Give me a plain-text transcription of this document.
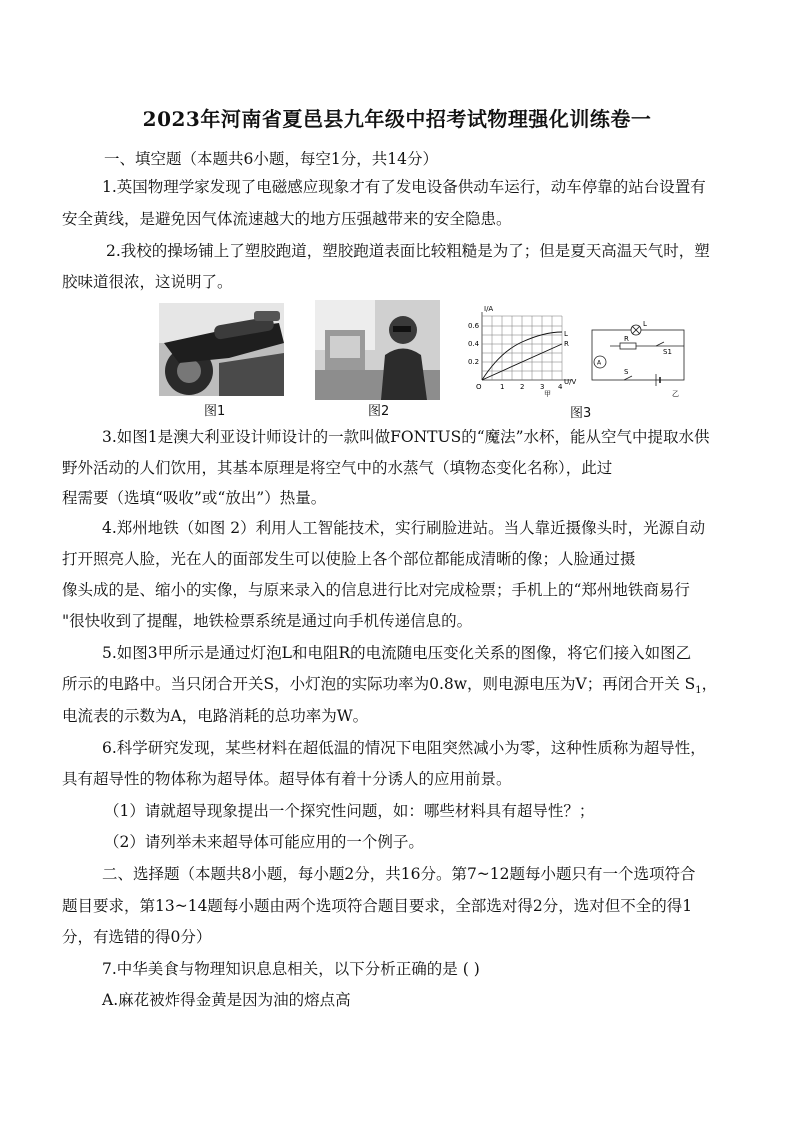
2023年河南省夏邑县九年级中招考试物理强化训练卷一

一、填空题（本题共6小题，每空1分，共14分）

1.英国物理学家发现了电磁感应现象才有了发电设备供动车运行，动车停靠的站台设置有

安全黄线，是避免因气体流速越大的地方压强越带来的安全隐患。

2.我校的操场铺上了塑胶跑道，塑胶跑道表面比较粗糙是为了；但是夏天高温天气时，塑

胶味道很浓，这说明了。

图1	图2
I/A
0.6
0.4
0.2
O	1 2 3 4
U/V
L
R
甲
A
L
R
S1
S
乙
图3

3.如图1是澳大利亚设计师设计的一款叫做FONTUS的“魔法”水杯，能从空气中提取水供

野外活动的人们饮用，其基本原理是将空气中的水蒸气（填物态变化名称），此过

程需要（选填“吸收”或“放出”）热量。

4.郑州地铁（如图 2）利用人工智能技术，实行刷脸进站。当人靠近摄像头时，光源自动

打开照亮人脸，光在人的面部发生可以使脸上各个部位都能成清晰的像；人脸通过摄

像头成的是、缩小的实像，与原来录入的信息进行比对完成检票；手机上的“郑州地铁商易行

"很快收到了提醒，地铁检票系统是通过向手机传递信息的。

5.如图3甲所示是通过灯泡L和电阻R的电流随电压变化关系的图像，将它们接入如图乙

所示的电路中。当只闭合开关S，小灯泡的实际功率为0.8w，则电源电压为V；再闭合开关 $S_1$，

电流表的示数为A，电路消耗的总功率为W。

6.科学研究发现，某些材料在超低温的情况下电阻突然减小为零，这种性质称为超导性，

具有超导性的物体称为超导体。超导体有着十分诱人的应用前景。

（1）请就超导现象提出一个探究性问题，如：哪些材料具有超导性？；

（2）请列举未来超导体可能应用的一个例子。

二、选择题（本题共8小题，每小题2分，共16分。第7~12题每小题只有一个选项符合

题目要求，第13~14题每小题由两个选项符合题目要求，全部选对得2分，选对但不全的得1

分，有选错的得0分）

7.中华美食与物理知识息息相关，以下分析正确的是 ( )

A.麻花被炸得金黄是因为油的熔点高
